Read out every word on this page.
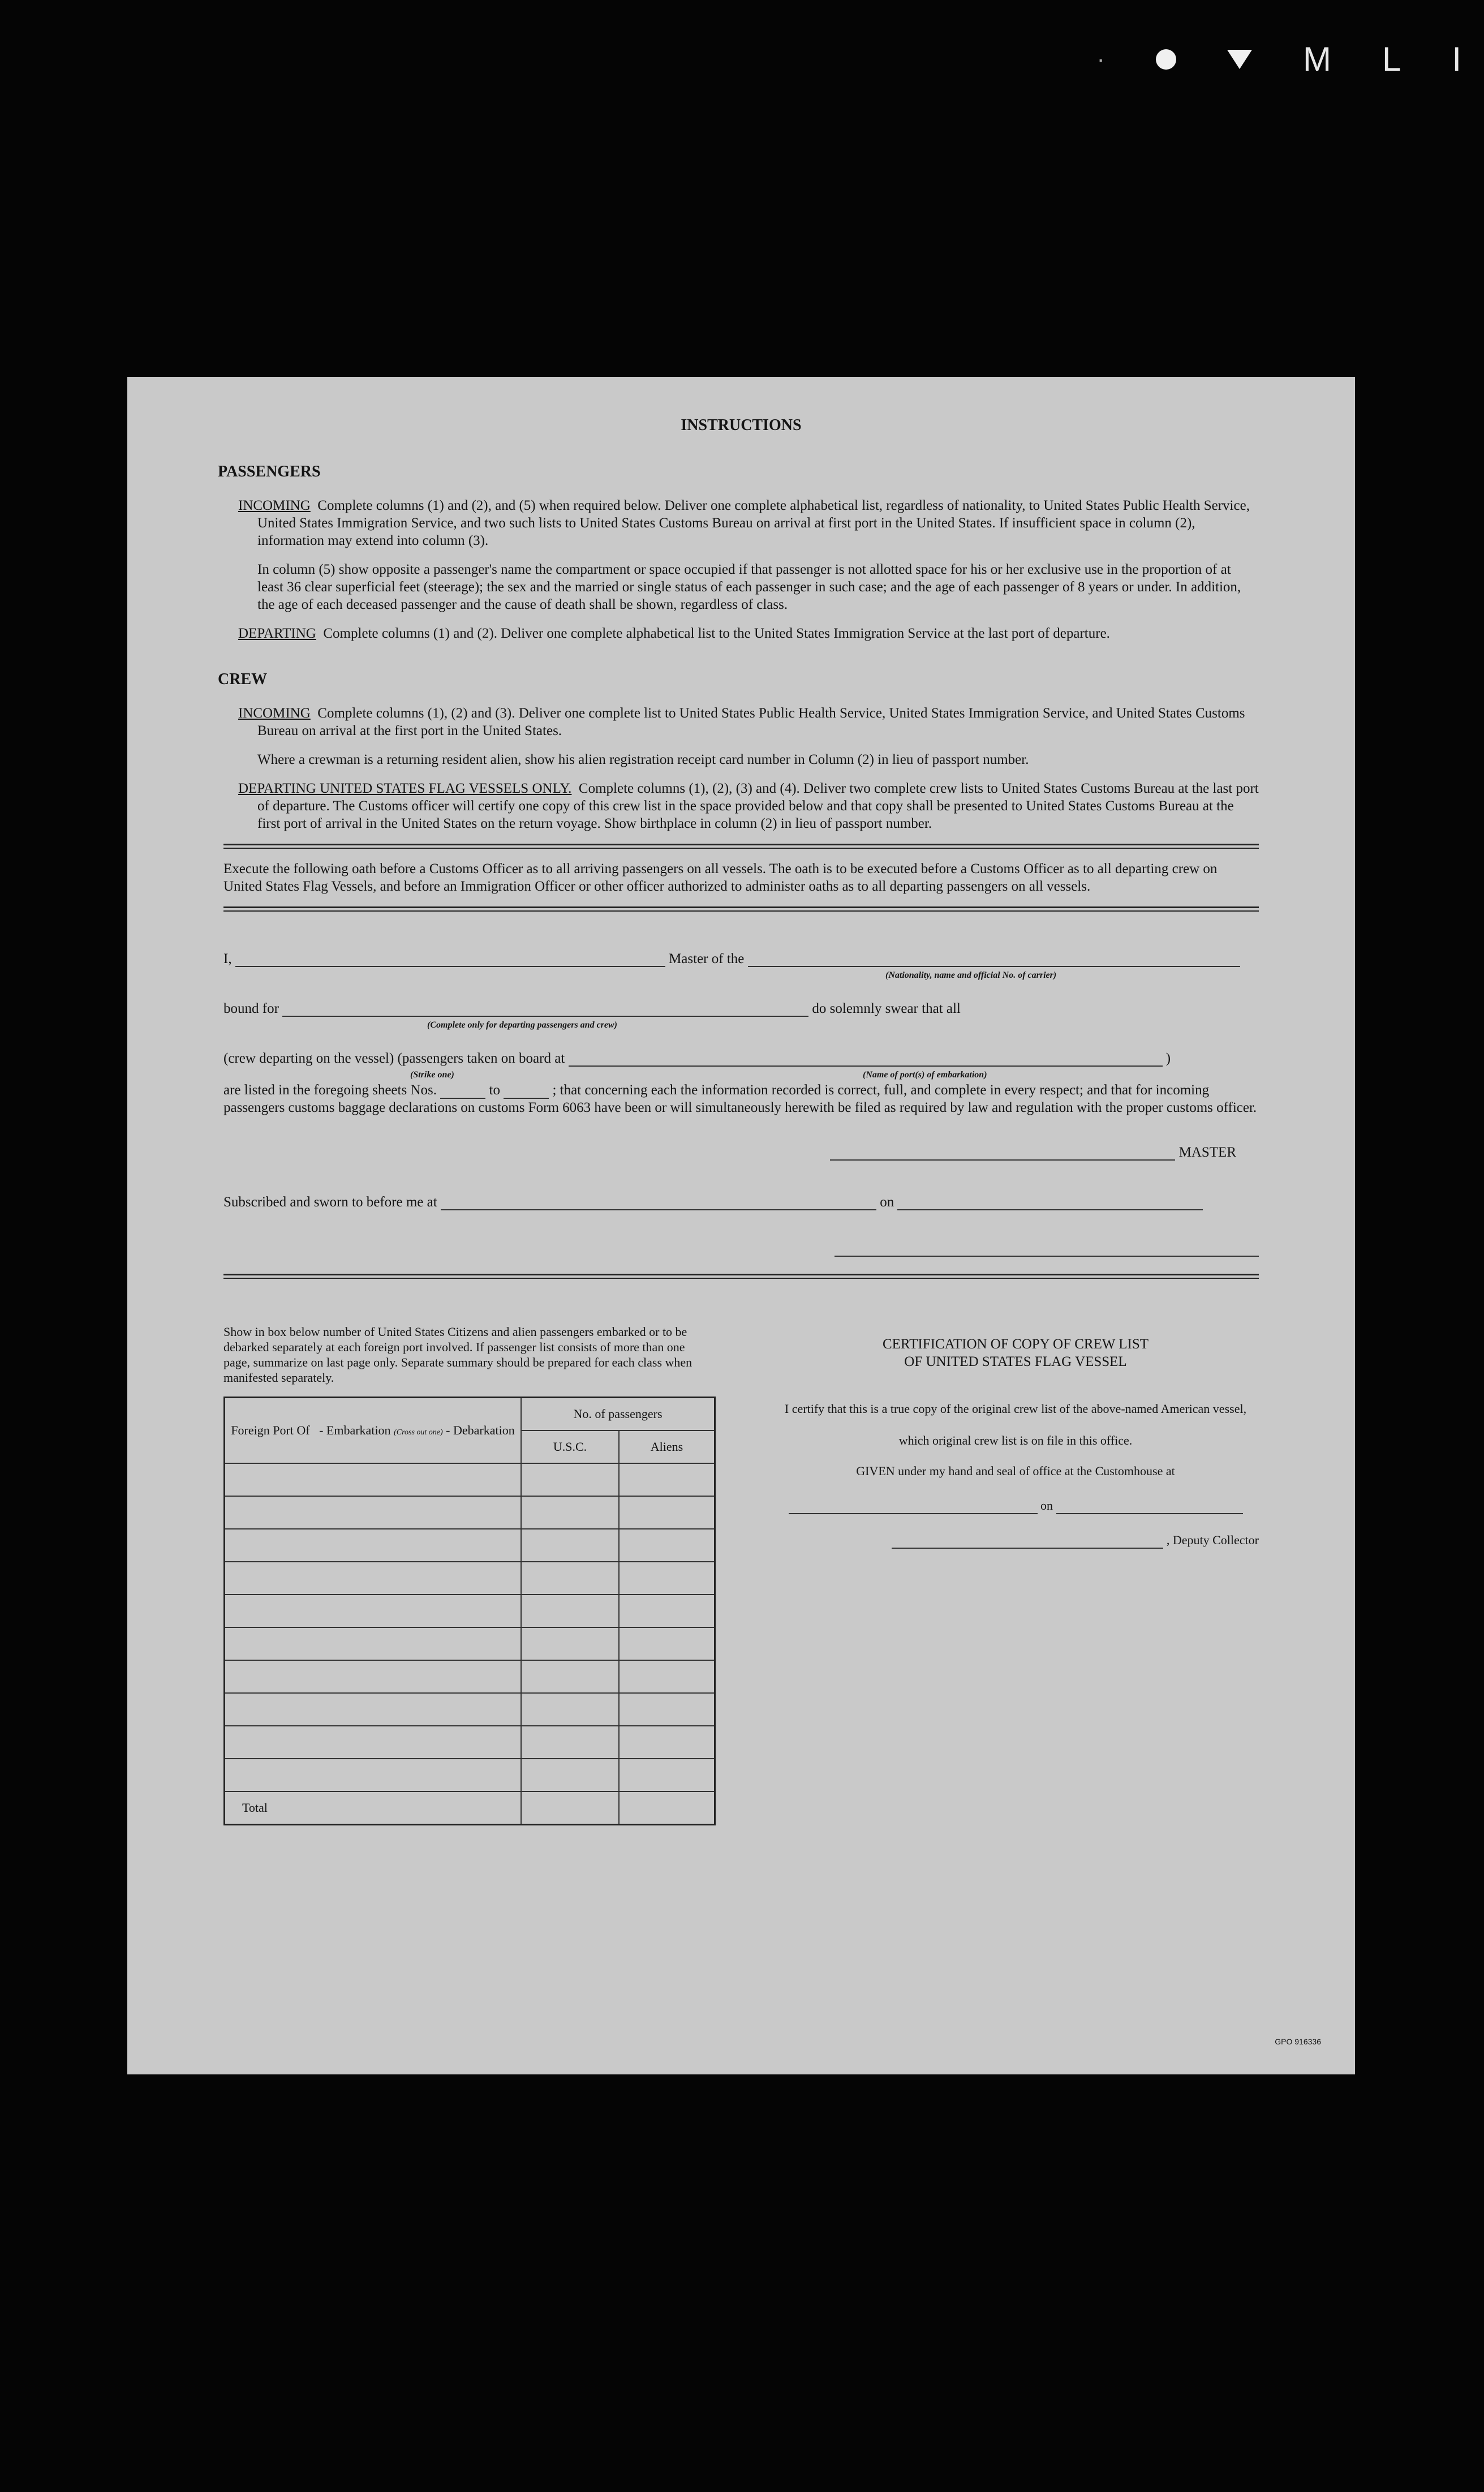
·	M L I
INSTRUCTIONS
PASSENGERS

INCOMING Complete columns (1) and (2), and (5) when required below. Deliver one complete alphabetical list, regardless of nationality, to United States Public Health Service, United States Immigration Service, and two such lists to United States Customs Bureau on arrival at first port in the United States. If insufficient space in column (2), information may extend into column (3).

In column (5) show opposite a passenger's name the compartment or space occupied if that passenger is not allotted space for his or her exclusive use in the proportion of at least 36 clear superficial feet (steerage); the sex and the married or single status of each passenger in such case; and the age of each passenger of 8 years or under. In addition, the age of each deceased passenger and the cause of death shall be shown, regardless of class.

DEPARTING Complete columns (1) and (2). Deliver one complete alphabetical list to the United States Immigration Service at the last port of departure.

CREW

INCOMING Complete columns (1), (2) and (3). Deliver one complete list to United States Public Health Service, United States Immigration Service, and United States Customs Bureau on arrival at the first port in the United States.

Where a crewman is a returning resident alien, show his alien registration receipt card number in Column (2) in lieu of passport number.

DEPARTING UNITED STATES FLAG VESSELS ONLY. Complete columns (1), (2), (3) and (4). Deliver two complete crew lists to United States Customs Bureau at the last port of departure. The Customs officer will certify one copy of this crew list in the space provided below and that copy shall be presented to United States Customs Bureau at the first port of arrival in the United States on the return voyage. Show birthplace in column (2) in lieu of passport number.

Execute the following oath before a Customs Officer as to all arriving passengers on all vessels. The oath is to be executed before a Customs Officer as to all departing crew on United States Flag Vessels, and before an Immigration Officer or other officer authorized to administer oaths as to all departing passengers on all vessels.

I,	Master of the
(Nationality, name and official No. of carrier)
bound for	do solemnly swear that all
(Complete only for departing passengers and crew)
(crew departing on the vessel) (passengers taken on board at	)
(Strike one)	(Name of port(s) of embarkation)

are listed in the foregoing sheets Nos.	to	; that concerning each the information recorded is correct, full, and complete in every respect; and that for incoming passengers customs baggage declarations on customs Form 6063 have been or will simultaneously herewith be filed as required by law and regulation with the proper customs officer.

MASTER
Subscribed and sworn to before me at	on

Show in box below number of United States Citizens and alien passengers embarked or to be debarked separately at each foreign port involved. If passenger list consists of more than one page, summarize on last page only. Separate summary should be prepared for each class when manifested separately.

Foreign Port Of - Embarkation (Cross out one) - Debarkation	No. of passengers	
	U.S.C.	Aliens

Total		
CERTIFICATION OF COPY OF CREW LIST
OF UNITED STATES FLAG VESSEL

I certify that this is a true copy of the original crew list of the above-named American vessel, which original crew list is on file in this office.

GIVEN under my hand and seal of office at the Customhouse at

on

, Deputy Collector

GPO 916336
